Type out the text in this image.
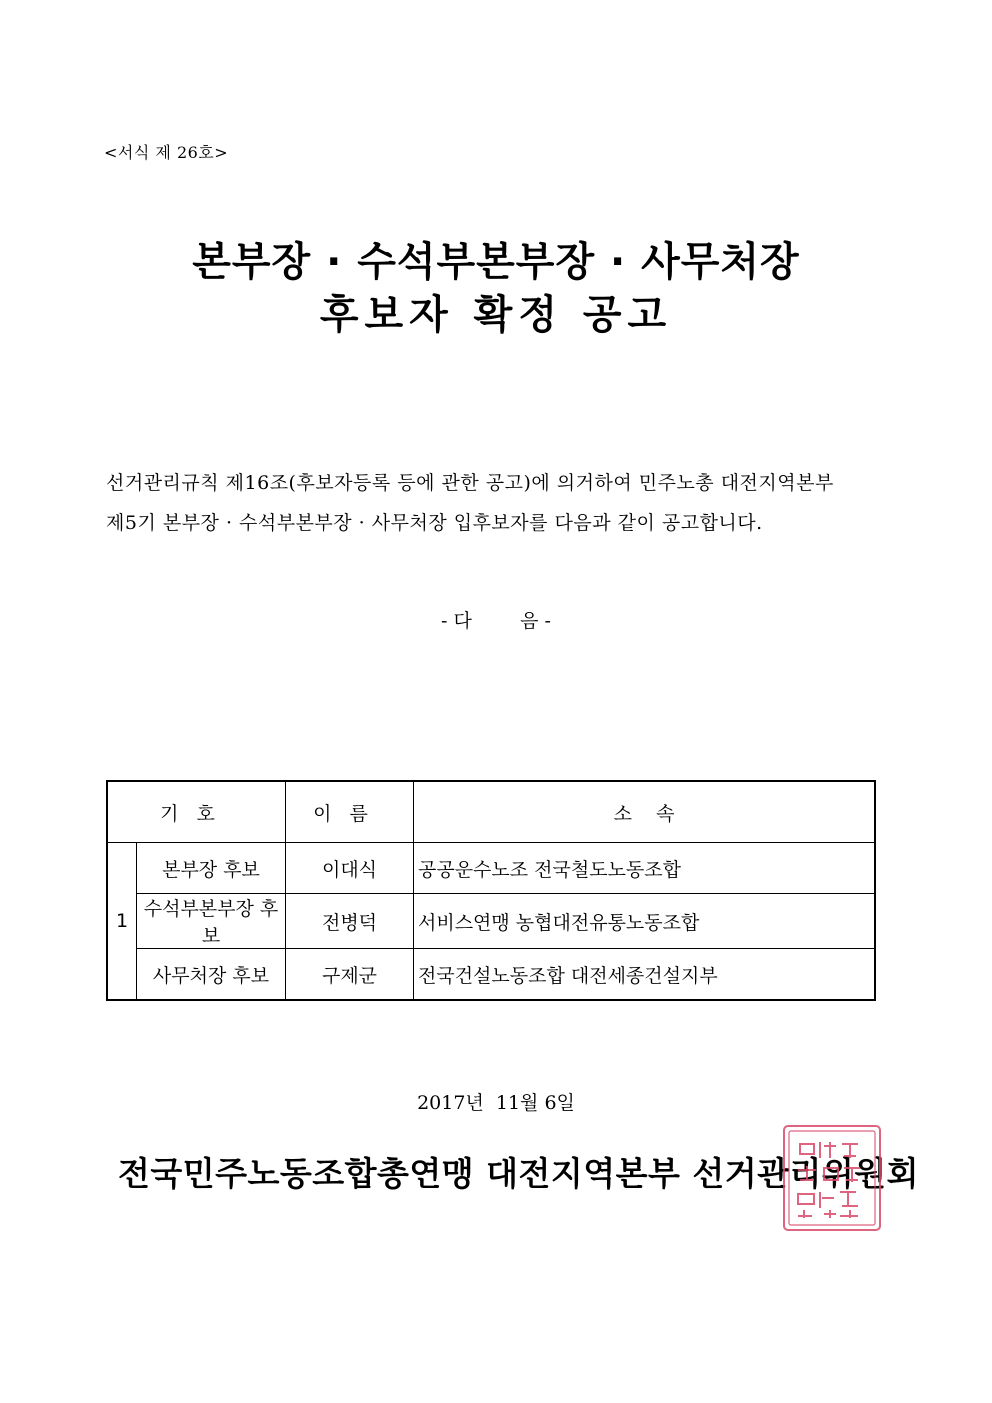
<서식 제 26호>
본부장 · 수석부본부장 · 사무처장
후보자 확정 공고
선거관리규칙 제16조(후보자등록 등에 관한 공고)에 의거하여 민주노총 대전지역본부
제5기 본부장 · 수석부본부장 · 사무처장 입후보자를 다음과 같이 공고합니다.
- 다        음 -
기호		이름	소    속
1	본부장 후보	이대식	공공운수노조 전국철도노동조합
	수석부본부장 후보	전병덕	서비스연맹 농협대전유통노동조합
	사무처장 후보	구제군	전국건설노동조합 대전세종건설지부
2017년  11월 6일
전국민주노동조합총연맹 대전지역본부 선거관리위원회
